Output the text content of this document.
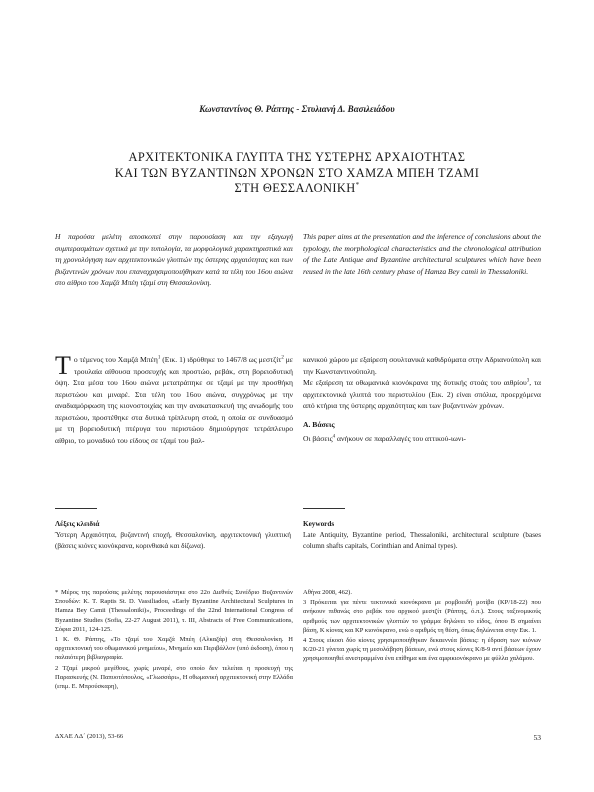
Κωνσταντίνος Θ. Ράπτης - Στυλιανή Δ. Βασιλειάδου
ΑΡΧΙΤΕΚΤΟΝΙΚΑ ΓΛΥΠΤΑ ΤΗΣ ΥΣΤΕΡΗΣ ΑΡΧΑΙΟΤΗΤΑΣ
ΚΑΙ ΤΩΝ ΒΥΖΑΝΤΙΝΩΝ ΧΡΟΝΩΝ ΣΤΟ ΧΑΜΖΑ ΜΠΕΗ ΤΖΑΜΙ
ΣΤΗ ΘΕΣΣΑΛΟΝΙΚΗ*
Η παρούσα μελέτη αποσκοπεί στην παρουσίαση και την εξαγωγή συμπερασμάτων σχετικά με την τυπολογία, τα μορφολογικά χαρακτηριστικά και τη χρονολόγηση των αρχιτεκτονικών γλυπτών της ύστερης αρχαιότητας και των βυζαντινών χρόνων που επαναχρησιμοποιήθηκαν κατά τα τέλη του 16ου αιώνα στο αίθριο του Χαμζά Μπέη τζαμί στη Θεσσαλονίκη.
This paper aims at the presentation and the inference of conclusions about the typology, the morphological characteristics and the chronological attribution of the Late Antique and Byzantine architectural sculptures which have been reused in the late 16th century phase of Hamza Bey camii in Thessaloniki.

Το τέμενος του Χαμζά Μπέη$^1$ (Εικ. 1) ιδρύθηκε το 1467/8 ως μεστζίτ$^2$ με τρουλαία αίθουσα προσευχής και προστώο, ρεβάκ, στη βορειοδυτική όψη. Στα μέσα του 16ου αιώνα μετατράπηκε σε τζαμί με την προσθήκη περιστώου και μιναρέ. Στα τέλη του 16ου αιώνα, συγχρόνως με την αναδιαμόρφωση της κιονοστοιχίας και την ανακατασκευή της ανωδομής του περιστώου, προστέθηκε στα δυτικά τρίπλευρη στοά, η οποία σε συνδυασμό με τη βορειοδυτική πτέρυγα του περιστώου δημιούργησε τετράπλευρο αίθριο, το μοναδικό του είδους σε τζαμί του βαλ-

κανικού χώρου με εξαίρεση σουλτανικά καθιδρύματα στην Αδριανούπολη και την Κωνσταντινούπολη.

Με εξαίρεση τα οθωμανικά κιονόκρανα της δυτικής στοάς του αιθρίου$^3$, τα αρχιτεκτονικά γλυπτά του περιστυλίου (Εικ. 2) είναι σπόλια, προερχόμενα από κτήρια της ύστερης αρχαιότητας και των βυζαντινών χρόνων.

Α. Βάσεις

Οι βάσεις$^4$ ανήκουν σε παραλλαγές του αττικού-ιωνι-

Λέξεις κλειδιά
Ύστερη Αρχαιότητα, βυζαντινή εποχή, Θεσσαλονίκη, αρχιτεκτονική γλυπτική (βάσεις κιόνες κιονόκρανα, κορινθιακά και δίζωνα).
Keywords
Late Antiquity, Byzantine period, Thessaloniki, architectural sculpture (bases column shafts capitals, Corinthian and Animal types).

* Μέρος της παρούσας μελέτης παρουσιάστηκε στο 22ο Διεθνές Συνέδριο Βυζαντινών Σπουδών: K. T. Raptis St. D. Vassiliadou, «Early Byzantine Architectural Sculptures in Hamza Bey Camii (Thessaloniki)», Proceedings of the 22nd International Congress of Byzantine Studies (Sofia, 22-27 August 2011), τ. III, Abstracts of Free Communications, Σόφια 2011, 124-125.

1 Κ. Θ. Ράπτης, «Το τζαμί του Χαμζά Μπέη (Αλκαζάρ) στη Θεσσαλονίκη. Η αρχιτεκτονική του οθωμανικού μνημείου», Μνημείο και Περιβάλλον (υπό έκδοση), όπου η παλαιότερη βιβλιογραφία.

2 Τζαμί μικρού μεγέθους, χωρίς μιναρέ, στο οποίο δεν τελείται η προσευχή της Παρασκευής (Ν. Παπυοτόπουλος, «Γλωσσάρι», Η οθωμανική αρχιτεκτονική στην Ελλάδα (επιμ. Ε. Μπρούσκαρη),

Αθήνα 2008, 462).

3 Πρόκειται για πέντε τεκτονικά κιονόκρανα με ρομβοειδή μοτίβα (ΚΡ/18-22) που ανήκουν πιθανώς στο ρεβάκ του αρχικού μεστζίτ (Ράπτης, ό.π.). Στους ταξινομικούς αριθμούς των αρχιτεκτονικών γλυπτών το γράμμα δηλώνει το είδος, όπου Β σημαίνει βάση, Κ κίονας και ΚΡ κιονόκρανο, ενώ ο αριθμός τη θέση, όπως δηλώνεται στην Εικ. 1.

4 Στους είκοσι δύο κίονες χρησιμοποιήθηκαν δεκαεννέα βάσεις: η έδραση των κιόνων Κ/20-21 γίνεται χωρίς τη μεσολάβηση βάσεων, ενώ στους κίονες Κ/8-9 αντί βάσεων έχουν χρησιμοποιηθεί ανεστραμμένα ένα επίθημα και ένα αμφικιονόκρανο με φύλλα χαλάμου.

ΔΧΑΕ ΛΔ΄ (2013), 53-66	53
